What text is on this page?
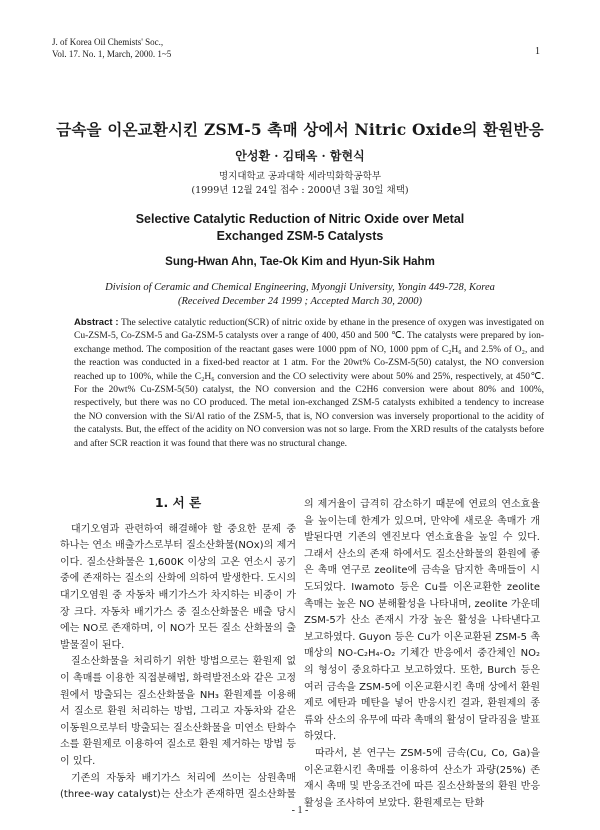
J. of Korea Oil Chemists' Soc.,
Vol. 17. No. 1, March, 2000. 1~5	1
금속을 이온교환시킨 ZSM-5 촉매 상에서 Nitric Oxide의 환원반응
안성환 · 김태옥 · 함현식
명지대학교 공과대학 세라믹화학공학부
(1999년 12월 24일 접수 : 2000년 3월 30일 채택)
Selective Catalytic Reduction of Nitric Oxide over Metal
Exchanged ZSM-5 Catalysts
Sung-Hwan Ahn, Tae-Ok Kim and Hyun-Sik Hahm
Division of Ceramic and Chemical Engineering, Myongji University, Yongin 449-728, Korea
(Received December 24 1999 ; Accepted March 30, 2000)
Abstract : The selective catalytic reduction(SCR) of nitric oxide by ethane in the presence of oxygen was investigated on Cu-ZSM-5, Co-ZSM-5 and Ga-ZSM-5 catalysts over a range of 400, 450 and 500 ℃. The catalysts were prepared by ion-exchange method. The composition of the reactant gases were 1000 ppm of NO, 1000 ppm of C₂H₆ and 2.5% of O₂, and the reaction was conducted in a fixed-bed reactor at 1 atm. For the 20wt% Co-ZSM-5(50) catalyst, the NO conversion reached up to 100%, while the C₂H₆ conversion and the CO selectivity were about 50% and 25%, respectively, at 450℃. For the 20wt% Cu-ZSM-5(50) catalyst, the NO conversion and the C2H6 conversion were about 80% and 100%, respectively, but there was no CO produced. The metal ion-exchanged ZSM-5 catalysts exhibited a tendency to increase the NO conversion with the Si/Al ratio of the ZSM-5, that is, NO conversion was inversely proportional to the acidity of the catalysts. But, the effect of the acidity on NO conversion was not so large. From the XRD results of the catalysts before and after SCR reaction it was found that there was no structural change.
1. 서 론

대기오염과 관련하여 해결해야 할 중요한 문제 중 하나는 연소 배출가스로부터 질소산화물(NOx)의 제거이다. 질소산화물은 1,600K 이상의 고온 연소시 공기 중에 존재하는 질소의 산화에 의하여 발생한다. 도시의 대기오염원 중 자동차 배기가스가 차지하는 비중이 가장 크다. 자동차 배기가스 중 질소산화물은 배출 당시에는 NO로 존재하며, 이 NO가 모든 질소 산화물의 출발물질이 된다.

질소산화물을 처리하기 위한 방법으로는 환원제 없이 촉매를 이용한 직접분해법, 화력발전소와 같은 고정원에서 방출되는 질소산화물을 NH₃ 환원제를 이용해서 질소로 환원 처리하는 방법, 그리고 자동차와 같은 이동원으로부터 방출되는 질소산화물을 미연소 탄화수소를 환원제로 이용하여 질소로 환원 제거하는 방법 등이 있다.

기존의 자동차 배기가스 처리에 쓰이는 삼원촉매(three-way catalyst)는 산소가 존재하면 질소산화물

의 제거율이 급격히 감소하기 때문에 연료의 연소효율을 높이는데 한계가 있으며, 만약에 새로운 촉매가 개발된다면 기존의 엔진보다 연소효율을 높일 수 있다. 그래서 산소의 존재 하에서도 질소산화물의 환원에 좋은 촉매 연구로 zeolite에 금속을 담지한 촉매들이 시도되었다. Iwamoto 등은 Cu를 이온교환한 zeolite 촉매는 높은 NO 분해활성을 나타내며, zeolite 가운데 ZSM-5가 산소 존재시 가장 높은 활성을 나타낸다고 보고하였다. Guyon 등은 Cu가 이온교환된 ZSM-5 촉매상의 NO-C₂H₄-O₂ 기체간 반응에서 중간체인 NO₂의 형성이 중요하다고 보고하였다. 또한, Burch 등은 여러 금속을 ZSM-5에 이온교환시킨 촉매 상에서 환원제로 에탄과 메탄을 넣어 반응시킨 결과, 환원제의 종류와 산소의 유무에 따라 촉매의 활성이 달라짐을 발표하였다.

따라서, 본 연구는 ZSM-5에 금속(Cu, Co, Ga)을 이온교환시킨 촉매를 이용하여 산소가 과량(25%) 존재시 촉매 및 반응조건에 따른 질소산화물의 환원 반응활성을 조사하여 보았다. 환원제로는 탄화

- 1 -
